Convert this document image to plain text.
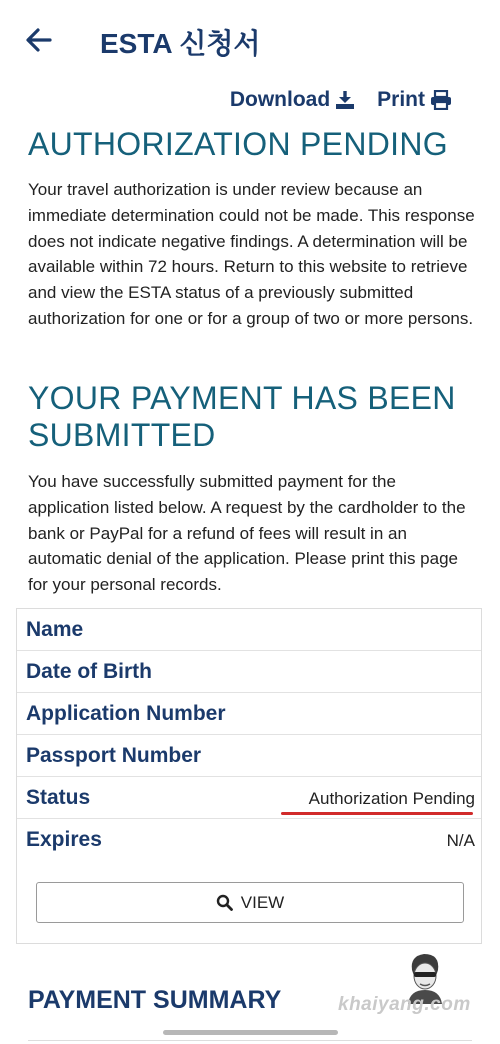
ESTA 신청서
Download Print
AUTHORIZATION PENDING

Your travel authorization is under review because an immediate determination could not be made. This response does not indicate negative findings. A determination will be available within 72 hours. Return to this website to retrieve and view the ESTA status of a previously submitted authorization for one or for a group of two or more persons.

YOUR PAYMENT HAS BEEN SUBMITTED

You have successfully submitted payment for the application listed below. A request by the cardholder to the bank or PayPal for a refund of fees will result in an automatic denial of the application. Please print this page for your personal records.

Name
Date of Birth
Application Number
Passport Number
Status	Authorization Pending
Expires	N/A
VIEW
PAYMENT SUMMARY	khaiyang.com
